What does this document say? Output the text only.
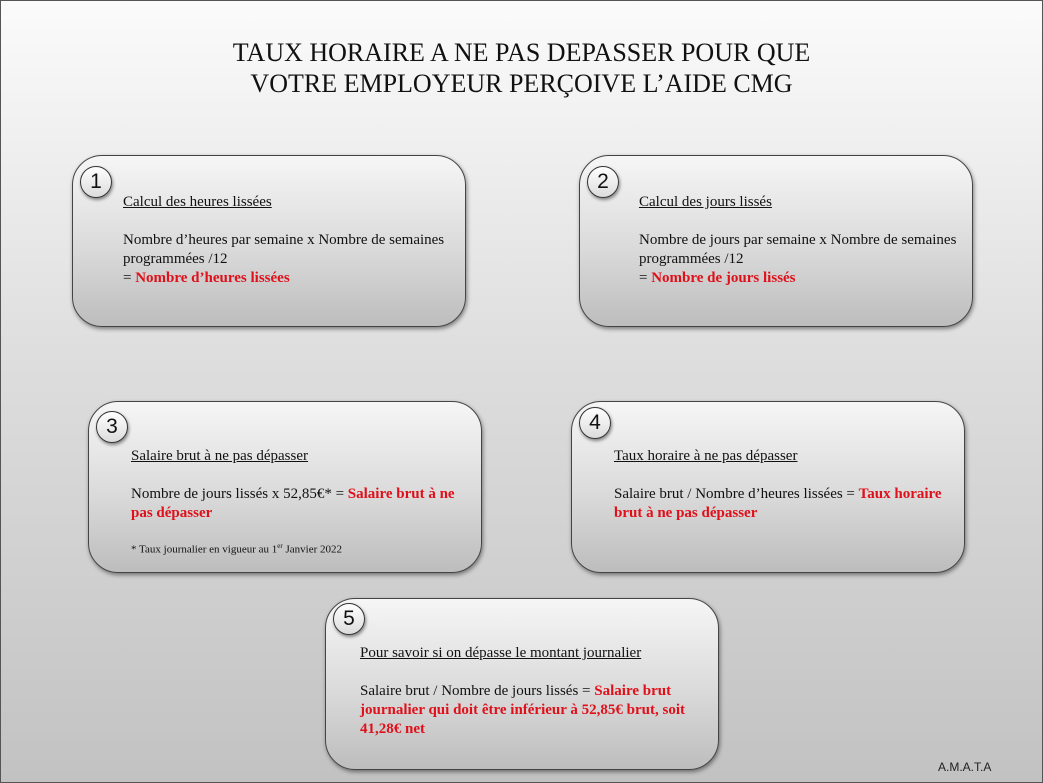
TAUX HORAIRE A NE PAS DEPASSER POUR QUE
VOTRE EMPLOYEUR PERÇOIVE L’AIDE CMG
1
Calcul des heures lissées
Nombre d’heures par semaine x Nombre de semaines programmées /12
= Nombre d’heures lissées
2
Calcul des jours lissés
Nombre de jours par semaine x Nombre de semaines programmées /12
= Nombre de jours lissés
3
Salaire brut à ne pas dépasser
Nombre de jours lissés x 52,85€* = Salaire brut à ne pas dépasser
* Taux journalier en vigueur au 1er Janvier 2022
4
Taux horaire à ne pas dépasser
Salaire brut / Nombre d’heures lissées = Taux horaire brut à ne pas dépasser
5
Pour savoir si on dépasse le montant journalier
Salaire brut / Nombre de jours lissés = Salaire brut journalier qui doit être inférieur à 52,85€ brut, soit 41,28€ net
A.M.A.T.A
